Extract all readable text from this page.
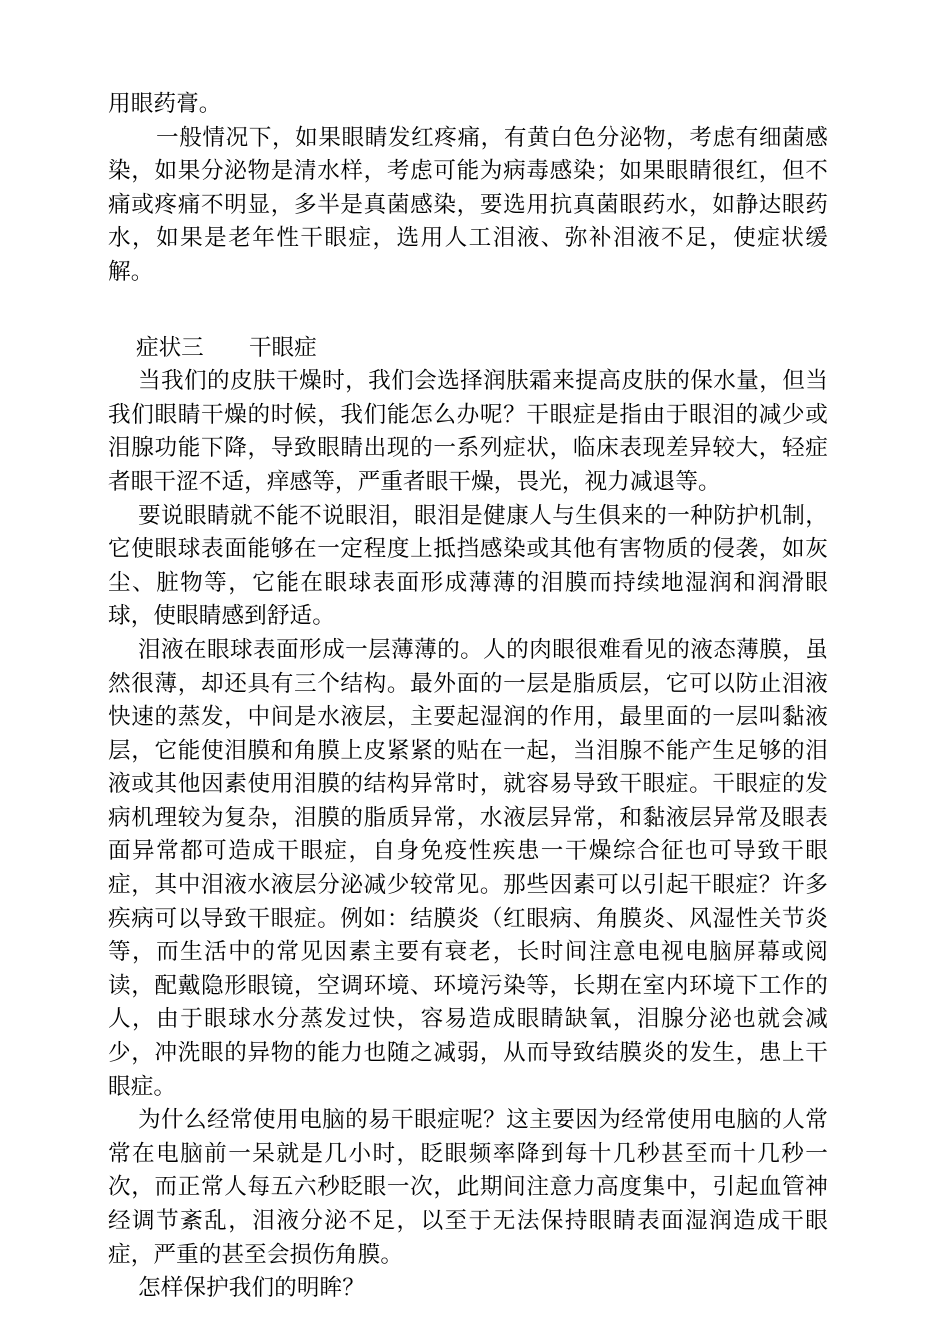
用眼药膏。

一般情况下，如果眼睛发红疼痛，有黄白色分泌物，考虑有细菌感染，如果分泌物是清水样，考虑可能为病毒感染；如果眼睛很红，但不痛或疼痛不明显，多半是真菌感染，要选用抗真菌眼药水，如静达眼药水，如果是老年性干眼症，选用人工泪液、弥补泪液不足，使症状缓解。

症状三　　干眼症

当我们的皮肤干燥时，我们会选择润肤霜来提高皮肤的保水量，但当我们眼睛干燥的时候，我们能怎么办呢？干眼症是指由于眼泪的减少或泪腺功能下降，导致眼睛出现的一系列症状，临床表现差异较大，轻症者眼干涩不适，痒感等，严重者眼干燥，畏光，视力减退等。

要说眼睛就不能不说眼泪，眼泪是健康人与生俱来的一种防护机制，它使眼球表面能够在一定程度上抵挡感染或其他有害物质的侵袭，如灰尘、脏物等，它能在眼球表面形成薄薄的泪膜而持续地湿润和润滑眼球，使眼睛感到舒适。

泪液在眼球表面形成一层薄薄的。人的肉眼很难看见的液态薄膜，虽然很薄，却还具有三个结构。最外面的一层是脂质层，它可以防止泪液快速的蒸发，中间是水液层，主要起湿润的作用，最里面的一层叫黏液层，它能使泪膜和角膜上皮紧紧的贴在一起，当泪腺不能产生足够的泪液或其他因素使用泪膜的结构异常时，就容易导致干眼症。干眼症的发病机理较为复杂，泪膜的脂质异常，水液层异常，和黏液层异常及眼表面异常都可造成干眼症，自身免疫性疾患一干燥综合征也可导致干眼症，其中泪液水液层分泌减少较常见。那些因素可以引起干眼症？许多疾病可以导致干眼症。例如：结膜炎（红眼病、角膜炎、风湿性关节炎等，而生活中的常见因素主要有衰老，长时间注意电视电脑屏幕或阅读，配戴隐形眼镜，空调环境、环境污染等，长期在室内环境下工作的人，由于眼球水分蒸发过快，容易造成眼睛缺氧，泪腺分泌也就会减少，冲洗眼的异物的能力也随之减弱，从而导致结膜炎的发生，患上干眼症。

为什么经常使用电脑的易干眼症呢？这主要因为经常使用电脑的人常常在电脑前一呆就是几小时，眨眼频率降到每十几秒甚至而十几秒一次，而正常人每五六秒眨眼一次，此期间注意力高度集中，引起血管神经调节紊乱，泪液分泌不足，以至于无法保持眼睛表面湿润造成干眼症，严重的甚至会损伤角膜。

怎样保护我们的明眸？
